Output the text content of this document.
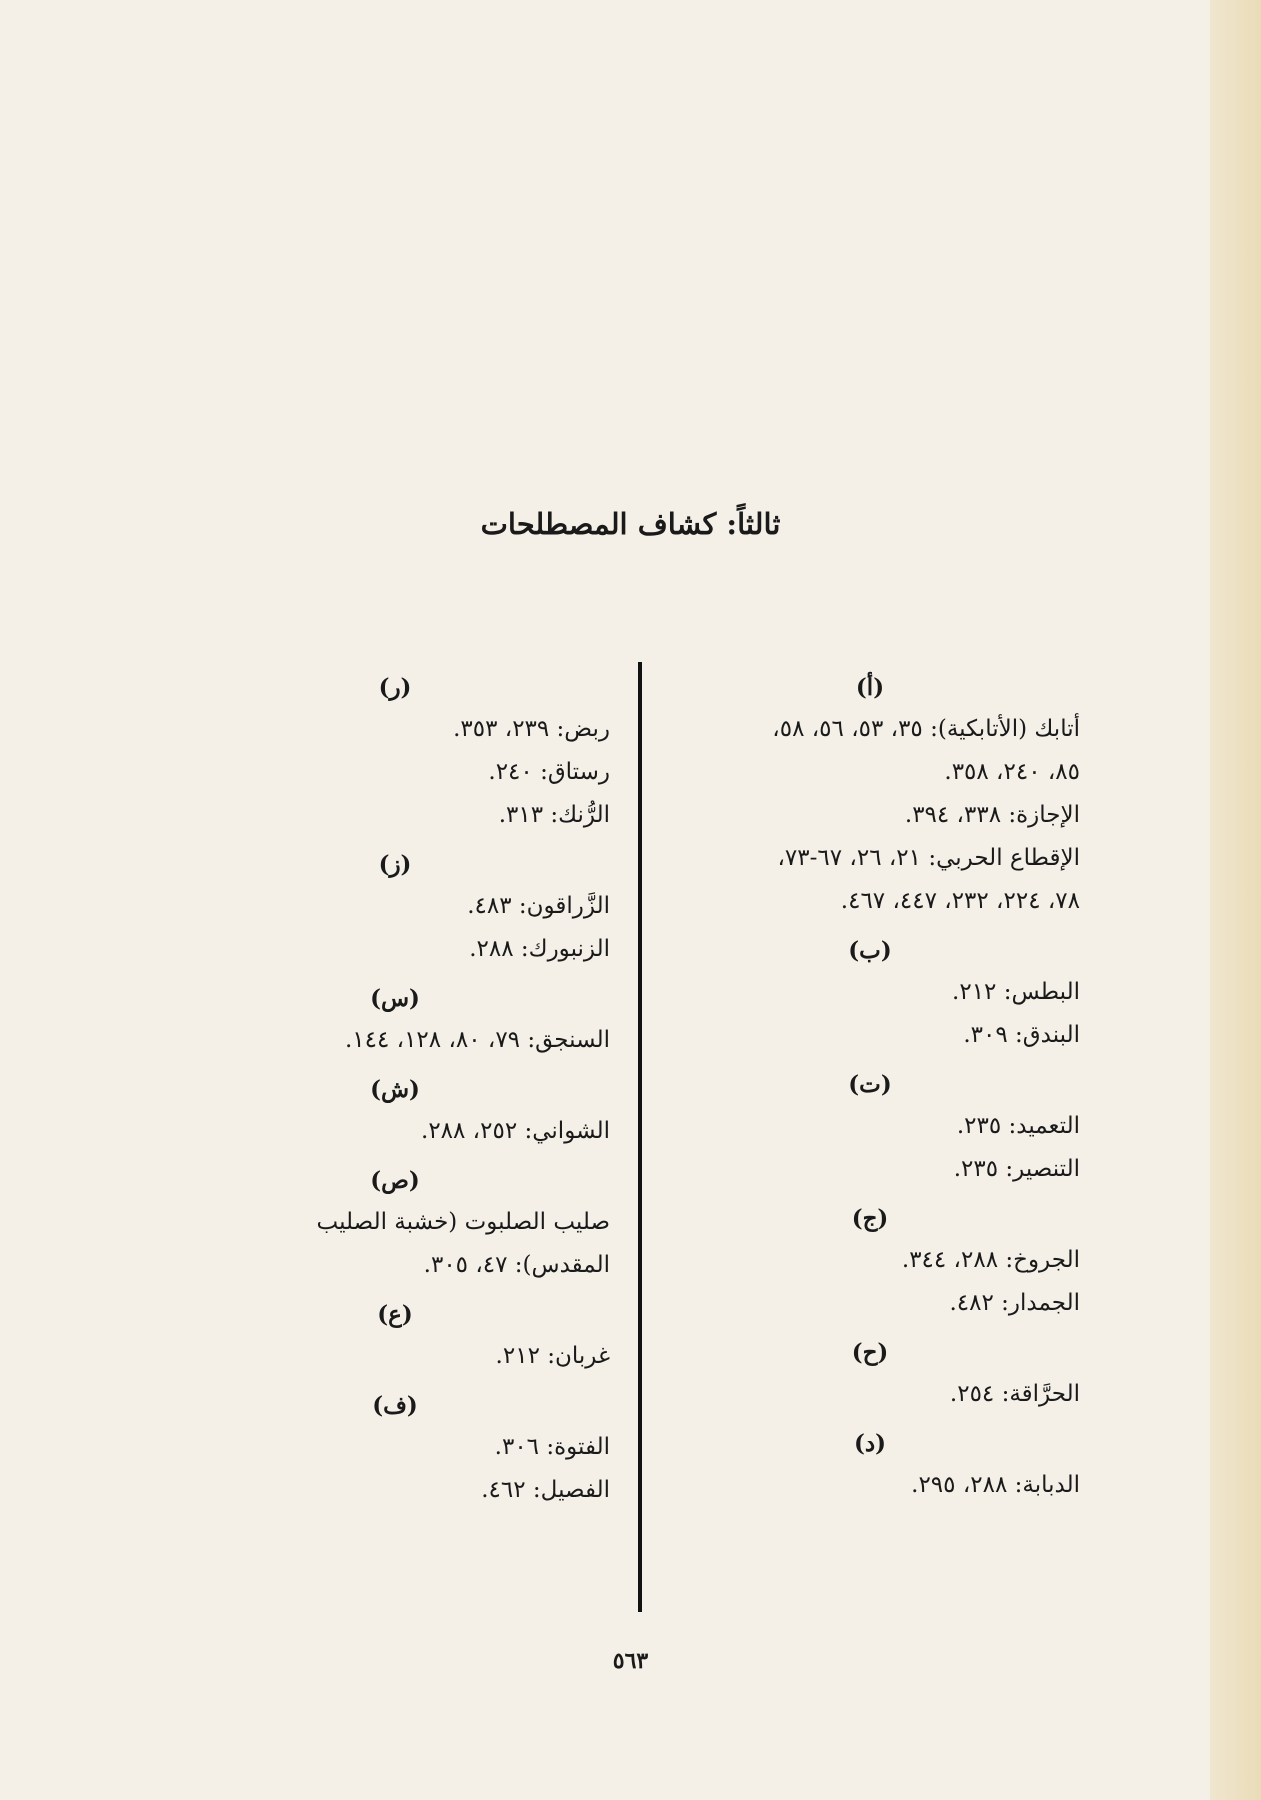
ثالثاً: كشاف المصطلحات
(أ)
أتابك (الأتابكية): ٣٥، ٥٣، ٥٦، ٥٨،
٨٥، ٢٤٠، ٣٥٨.
الإجازة: ٣٣٨، ٣٩٤.
الإقطاع الحربي: ٢١، ٢٦، ٦٧-٧٣،
٧٨، ٢٢٤، ٢٣٢، ٤٤٧، ٤٦٧.
(ب)
البطس: ٢١٢.
البندق: ٣٠٩.
(ت)
التعميد: ٢٣٥.
التنصير: ٢٣٥.
(ج)
الجروخ: ٢٨٨، ٣٤٤.
الجمدار: ٤٨٢.
(ح)
الحرَّاقة: ٢٥٤.
(د)
الدبابة: ٢٨٨، ٢٩٥.
(ر)
ربض: ٢٣٩، ٣٥٣.
رستاق: ٢٤٠.
الرُّنك: ٣١٣.
(ز)
الزَّراقون: ٤٨٣.
الزنبورك: ٢٨٨.
(س)
السنجق: ٧٩، ٨٠، ١٢٨، ١٤٤.
(ش)
الشواني: ٢٥٢، ٢٨٨.
(ص)
صليب الصلبوت (خشبة الصليب
المقدس): ٤٧، ٣٠٥.
(ع)
غربان: ٢١٢.
(ف)
الفتوة: ٣٠٦.
الفصيل: ٤٦٢.
٥٦٣
